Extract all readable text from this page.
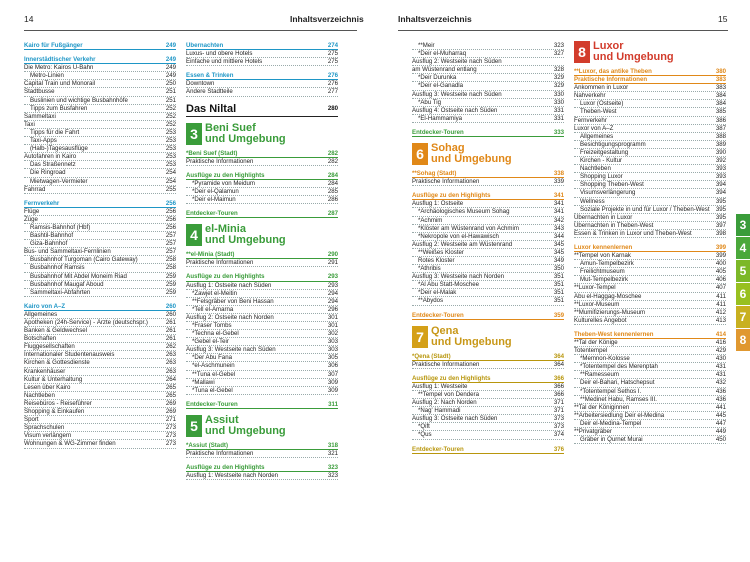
14	Inhaltsverzeichnis	Inhaltsverzeichnis	15
Kairo für Fußgänger	249
Innerstädtischer Verkehr	249
Die Metro: Kairos U-Bahn	249
Metro-Linien	249
Capital Train und Monorail	250
Stadtbusse	251
Buslinien und wichtige Busbahnhöfe	251
Tipps zum Busfahren	252
Sammeltaxi	252
Taxi	252
Tipps für die Fahrt	253
Taxi-Apps	253
(Halb-)Tagesausflüge	253
Autofahren in Kairo	253
Das Straßennetz	253
Die Ringroad	254
Mietwagen-Vermieter	254
Fahrrad	255
Fernverkehr	256
Flüge	256
Züge	256
Ramsis-Bahnhof (Hbf)	256
Bashtil-Bahnhof	257
Giza-Bahnhof	257
Bus- und Sammeltaxi-Fernlinien	257
Busbahnhof Turgoman (Cairo Gateway)	258
Busbahnhof Ramsis	258
Busbahnhof Mit Abdel Moneim Riad	259
Busbahnhof Maugaf Aboud	259
Sammeltaxi-Abfahrten	259
Kairo von A–Z	260
Allgemeines	260
Apotheken (24h-Service) - Ärzte (deutschspr.)	261
Banken & Geldwechsel	261
Botschaften	261
Fluggesellschaften	262
Internationaler Studentenausweis	263
Kirchen & Gottesdienste	263
Krankenhäuser	263
Kultur & Unterhaltung	264
Lesen über Kairo	265
Nachtleben	265
Reisebüros - Reiseführer	269
Shopping & Einkaufen	269
Sport	271
Sprachschulen	273
Visum verlängern	273
Wohnungen & WG-Zimmer finden	273
Übernachten	274
Luxus- und obere Hotels	275
Einfache und mittlere Hotels	275
Essen & Trinken	276
Downtown	276
Andere Stadtteile	277
Das Niltal	280
3 Beni Suef
und Umgebung
*Beni Suef (Stadt)	282
Praktische Informationen	282
Ausflüge zu den Highlights	284
*Pyramide von Meidum	284
*Deir el-Qalamun	285
*Deir el-Maimun	286
Entdecker-Touren	287
4 el-Minia
und Umgebung
**el-Minia (Stadt)	290
Praktische Informationen	291
Ausflüge zu den Highlights	293
Ausflug 1: Ostseite nach Süden	293
*Zawjet el-Meitin	294
**Felsgräber von Beni Hassan	294
*Tell el-Amarna	296
Ausflug 2: Ostseite nach Norden	301
*Fraser Tombs	301
*Techna el-Gebel	302
*Gebel el-Teir	303
Ausflug 3: Westseite nach Süden	303
*Der Abu Fana	305
*el-Aschmunein	306
**Tuna el-Gebel	307
*Mallawi	309
*Tuna el-Gebel	309
Entdecker-Touren	311
5 Assiut
und Umgebung
*Assiut (Stadt)	318
Praktische Informationen	321
Ausflüge zu den Highlights	323
Ausflug 1: Westseite nach Norden	323
**Meir	323
*Deir el-Muharraq	327
Ausflug 2: Westseite nach Süden
am Wüstenrand entlang	328
*Deir Durunka	329
*Deir el-Ganadla	329
Ausflug 3: Westseite nach Süden	330
*Abu Tig	330
Ausflug 4: Ostseite nach Süden	331
*El-Hammamiya	331
Entdecker-Touren	333
6 Sohag
und Umgebung
**Sohag (Stadt)	338
Praktische Informationen	339
Ausflüge zu den Highlights	341
Ausflug 1: Ostseite	341
*Archäologisches Museum Sohag	341
*Achmim	342
*Klöster am Wüstenrand von Achmim	343
*Nekropole von el-Hawawisch	344
Ausflug 2: Westseite am Wüstenrand	345
**Weißes Kloster	345
Rotes Kloster	349
*Athribis	350
Ausflug 3: Westseite nach Norden	351
*Al Abu Statt-Moschee	351
*Deir el-Malak	351
**Abydos	351
Entdecker-Touren	359
7 Qena
und Umgebung
*Qena (Stadt)	364
Praktische Informationen	364
Ausflüge zu den Highlights	366
Ausflug 1: Westseite	366
**Tempel von Dendera	366
Ausflug 2: Nach Norden	371
*Nag' Hammadi	371
Ausflug 3: Ostseite nach Süden	373
*Qift	373
*Qus	374
Entdecker-Touren	376
8 Luxor
und Umgebung
**Luxor, das antike Theben	380
Praktische Informationen	383
Ankommen in Luxor	383
Nahverkehr	384
Luxor (Ostseite)	384
Theben-West	385
Fernverkehr	386
Luxor von A–Z	387
Allgemeines	388
Besichtigungsprogramm	389
Freizeitgestaltung	390
Kirchen - Kultur	392
Nachtleben	393
Shopping Luxor	393
Shopping Theben-West	394
Visumsverlängerung	394
Wellness	395
Soziale Projekte in und für Luxor / Theben-West 395
Übernachten in Luxor	395
Übernachten in Theben-West	397
Essen & Trinken in Luxor und Theben-West	398
Luxor kennenlernen	399
**Tempel von Karnak	399
Amun-Tempelbezirk	400
Freilichtmuseum	405
Mut-Tempelbezirk	406
**Luxor-Tempel	407
Abu el-Haggag-Moschee	411
**Luxor-Museum	411
**Mumifizierungs-Museum	412
Kulturelles Angebot	413
Theben-West kennenlernen	414
**Tal der Könige	416
Totentempel	429
*Memnon-Kolosse	430
*Totentempel des Merenptah	431
**Ramesseum	431
Deir el-Bahari, Hatschepsut	432
*Totentempel Sethos I.	436
**Medinet Habu, Ramses III.	436
**Tal der Königinnen	441
**Arbeitersiedlung Deir el-Medina	445
Deir el-Medina-Tempel	447
**Privatgräber	449
Gräber in Qurnet Murai	450
3
4
5
6
7
8
